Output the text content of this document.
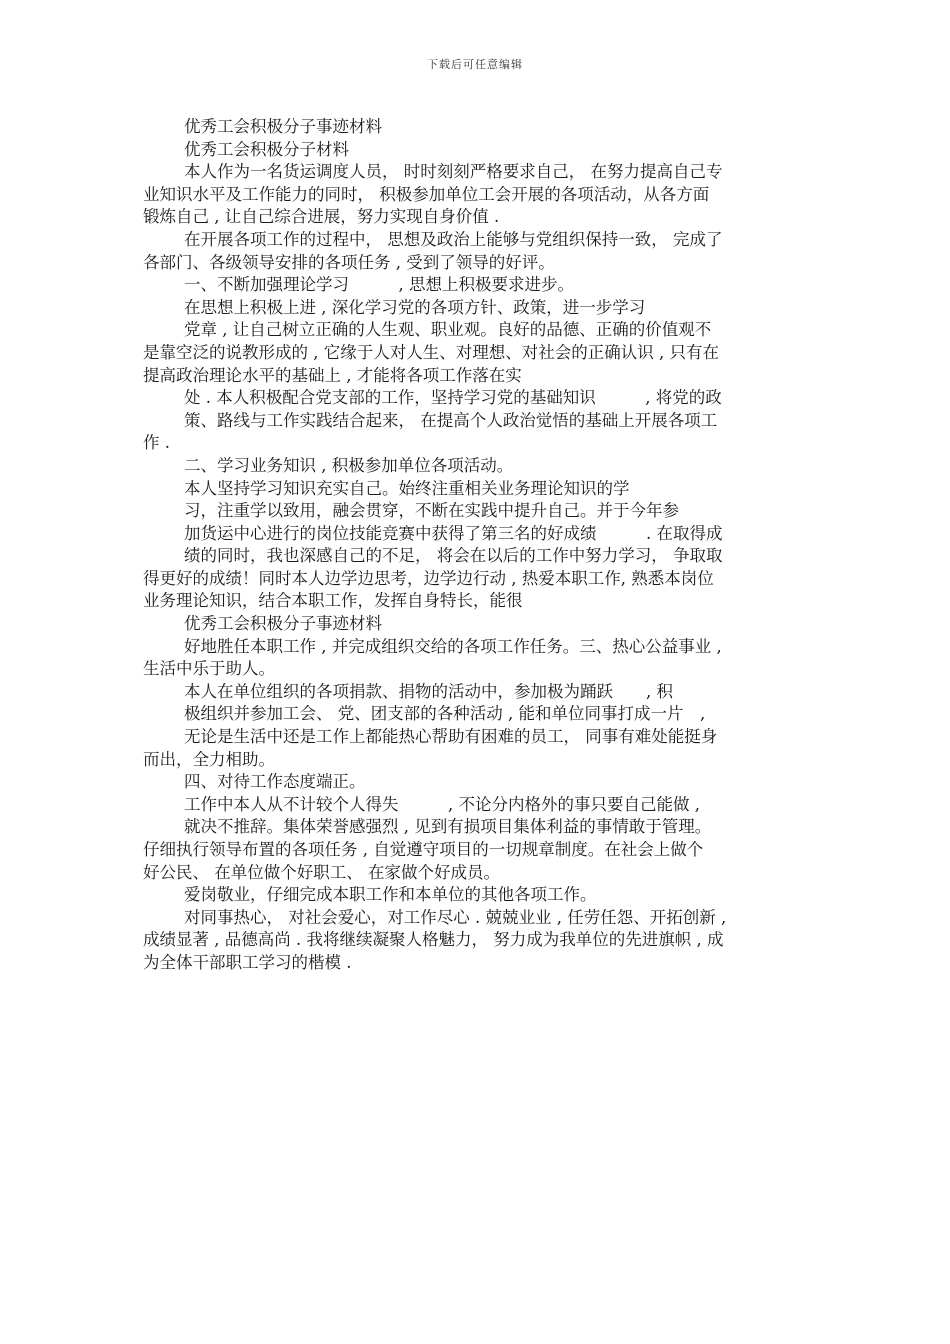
下载后可任意编辑
优秀工会积极分子事迹材料
优秀工会积极分子材料
本人作为一名货运调度人员， 时时刻刻严格要求自己， 在努力提高自己专
业知识水平及工作能力的同时， 积极参加单位工会开展的各项活动，从各方面
锻炼自己 , 让自己综合进展，努力实现自身价值 .
在开展各项工作的过程中， 思想及政治上能够与党组织保持一致， 完成了
各部门、各级领导安排的各项任务 , 受到了领导的好评。
一、不断加强理论学习　　　, 思想上积极要求进步。
在思想上积极上进 , 深化学习党的各项方针、政策，进一步学习
党章 , 让自己树立正确的人生观、职业观。良好的品德、正确的价值观不
是靠空泛的说教形成的 , 它缘于人对人生、对理想、对社会的正确认识 , 只有在
提高政治理论水平的基础上 , 才能将各项工作落在实
处 . 本人积极配合党支部的工作，坚持学习党的基础知识　　　, 将党的政
策、路线与工作实践结合起来， 在提高个人政治觉悟的基础上开展各项工
作 .
二、学习业务知识 , 积极参加单位各项活动。
本人坚持学习知识充实自己。始终注重相关业务理论知识的学
习，注重学以致用，融会贯穿，不断在实践中提升自己。并于今年参
加货运中心进行的岗位技能竞赛中获得了第三名的好成绩　　　. 在取得成
绩的同时，我也深感自己的不足， 将会在以后的工作中努力学习， 争取取
得更好的成绩！同时本人边学边思考，边学边行动 , 热爱本职工作, 熟悉本岗位
业务理论知识，结合本职工作，发挥自身特长，能很
优秀工会积极分子事迹材料
好地胜任本职工作 , 并完成组织交给的各项工作任务。三、热心公益事业 ,
生活中乐于助人。
本人在单位组织的各项捐款、捐物的活动中，参加极为踊跃　　, 积
极组织并参加工会、 党、团支部的各种活动 , 能和单位同事打成一片　,
无论是生活中还是工作上都能热心帮助有困难的员工， 同事有难处能挺身
而出，全力相助。
四、对待工作态度端正。
工作中本人从不计较个人得失　　　, 不论分内格外的事只要自己能做 ,
就决不推辞。集体荣誉感强烈 , 见到有损项目集体利益的事情敢于管理。
仔细执行领导布置的各项任务 , 自觉遵守项目的一切规章制度。在社会上做个
好公民、 在单位做个好职工、 在家做个好成员。
爱岗敬业，仔细完成本职工作和本单位的其他各项工作。
对同事热心， 对社会爱心，对工作尽心 . 兢兢业业 , 任劳任怨、开拓创新 ,
成绩显著 , 品德高尚 . 我将继续凝聚人格魅力， 努力成为我单位的先进旗帜 , 成
为全体干部职工学习的楷模 .
